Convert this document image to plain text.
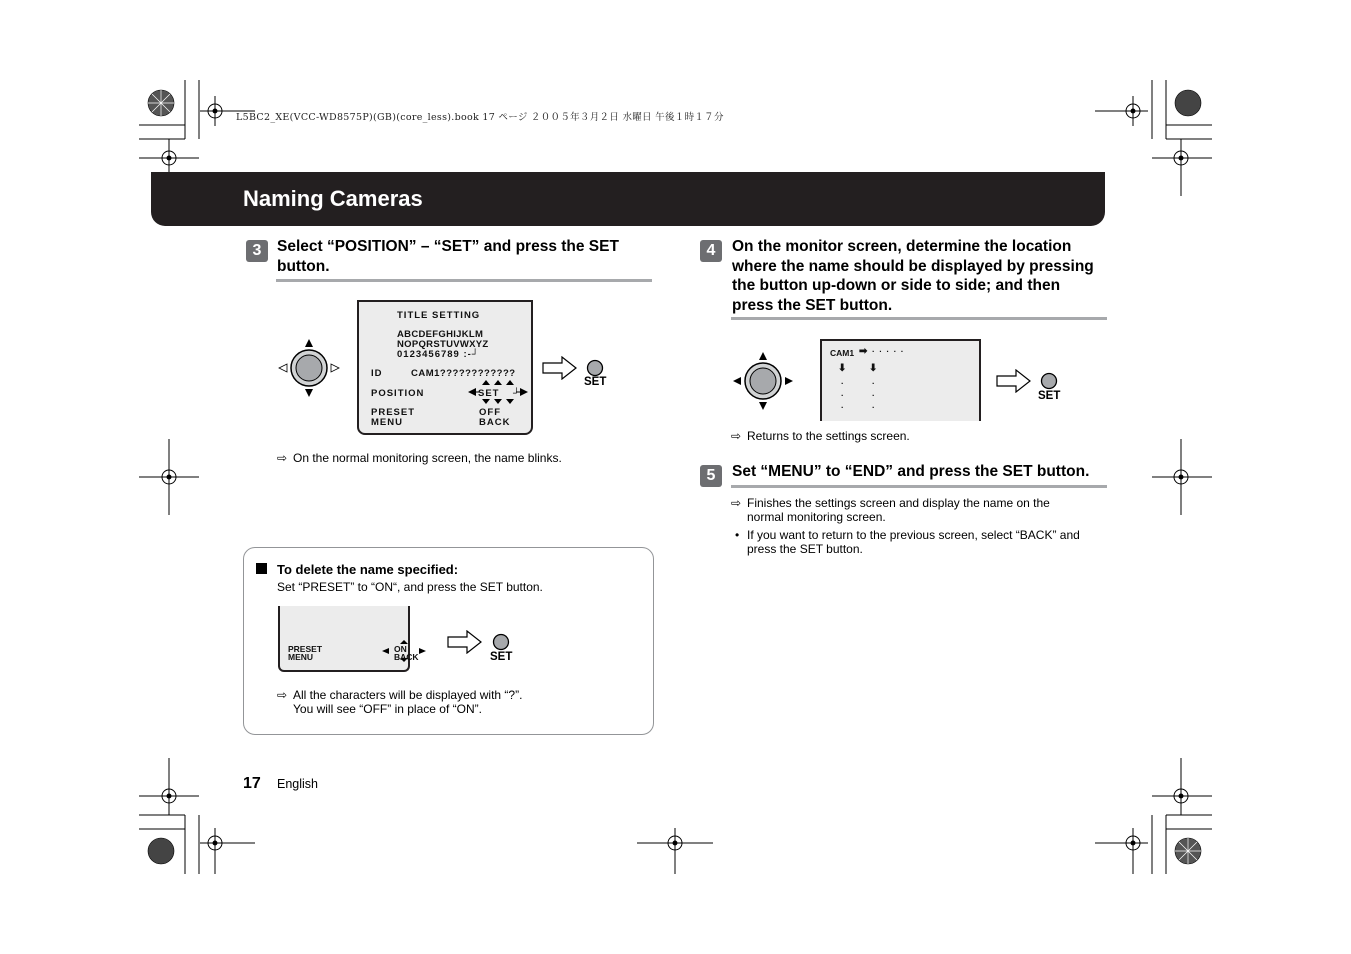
L5BC2_XE(VCC-WD8575P)(GB)(core_less).book 17 ページ ２００５年３月２日 水曜日 午後１時１７分
Naming Cameras
3	Select “POSITION” – “SET” and press the SET
button.
TITLE SETTING
ABCDEFGHIJKLM
NOPQRSTUVWXYZ
0123456789 :-┘
ID	CAM1????????????
POSITION	SET ┘
PRESET	OFF
MENU	BACK
SET
⇨ On the normal monitoring screen, the name blinks.
To delete the name specified:
Set “PRESET” to “ON“, and press the SET button.
PRESET
MENU
ON
BACK	SET
⇨ All the characters will be displayed with “?”.
You will see “OFF” in place of “ON”.
4	On the monitor screen, determine the location
where the name should be displayed by pressing
the button up-down or side to side; and then
press the SET button.
CAM1 ➡ · · · · ·
⬇ ⬇
·
·
·
·
·
·
SET
⇨ Returns to the settings screen.
5	Set “MENU” to “END” and press the SET button.
⇨ Finishes the settings screen and display the name on the
normal monitoring screen.
• If you want to return to the previous screen, select “BACK” and
press the SET button.
17 English
